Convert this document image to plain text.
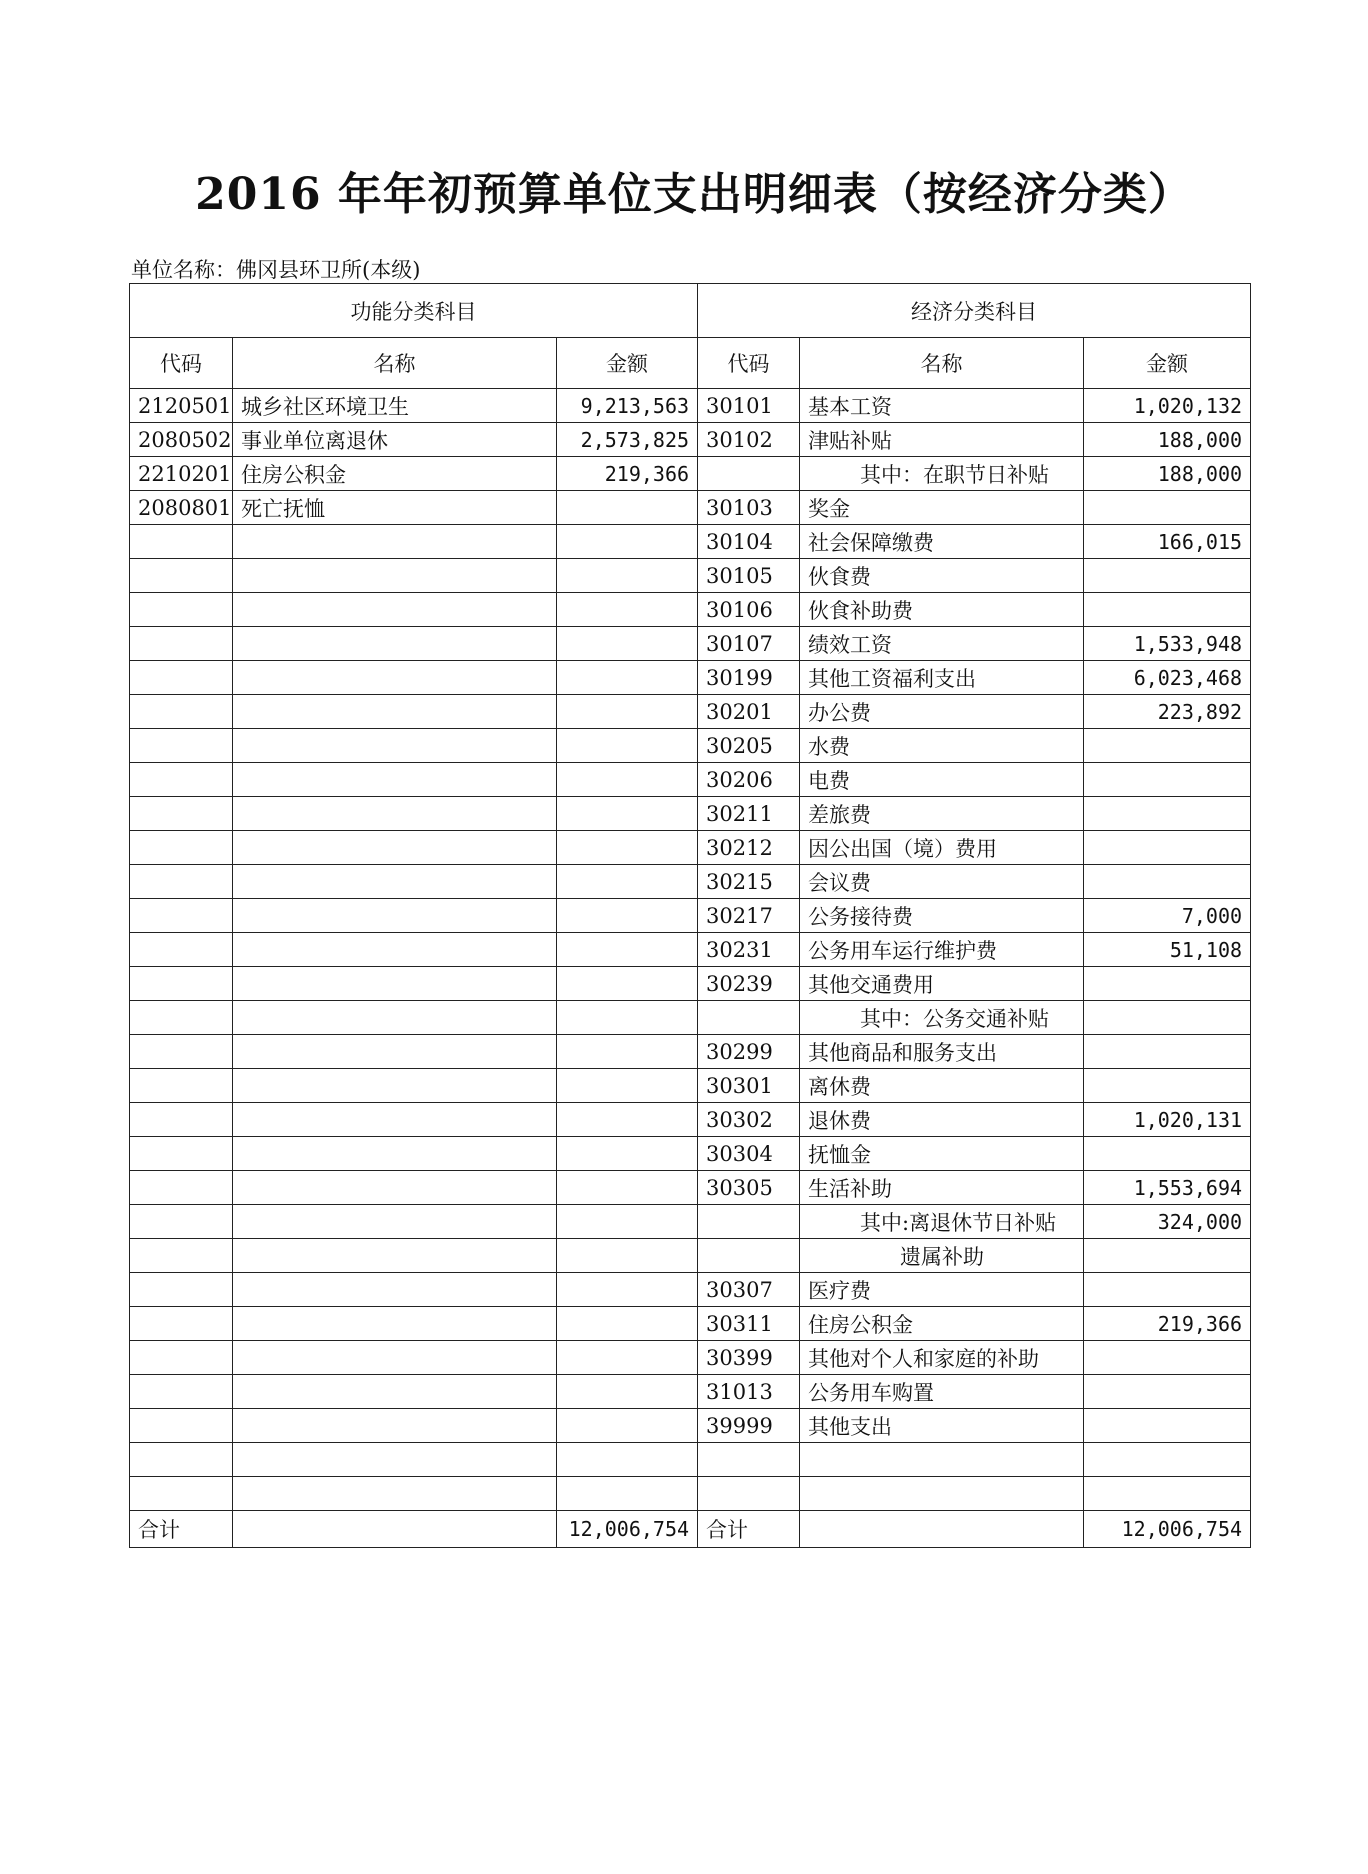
2016 年年初预算单位支出明细表（按经济分类）
单位名称：佛冈县环卫所(本级)
功能分类科目			经济分类科目		
代码	名称	金额	代码	名称	金额
2120501	城乡社区环境卫生	9,213,563	30101	基本工资	1,020,132
2080502	事业单位离退休	2,573,825	30102	津贴补贴	188,000
2210201	住房公积金	219,366		其中：在职节日补贴	188,000
2080801	死亡抚恤		30103	奖金	
			30104	社会保障缴费	166,015
			30105	伙食费	
			30106	伙食补助费	
			30107	绩效工资	1,533,948
			30199	其他工资福利支出	6,023,468
			30201	办公费	223,892
			30205	水费	
			30206	电费	
			30211	差旅费	
			30212	因公出国（境）费用	
			30215	会议费	
			30217	公务接待费	7,000
			30231	公务用车运行维护费	51,108
			30239	其他交通费用	
				其中：公务交通补贴	
			30299	其他商品和服务支出	
			30301	离休费	
			30302	退休费	1,020,131
			30304	抚恤金	
			30305	生活补助	1,553,694
				其中:离退休节日补贴	324,000
				遗属补助	
			30307	医疗费	
			30311	住房公积金	219,366
			30399	其他对个人和家庭的补助	
			31013	公务用车购置	
			39999	其他支出	

合计		12,006,754	合计		12,006,754
